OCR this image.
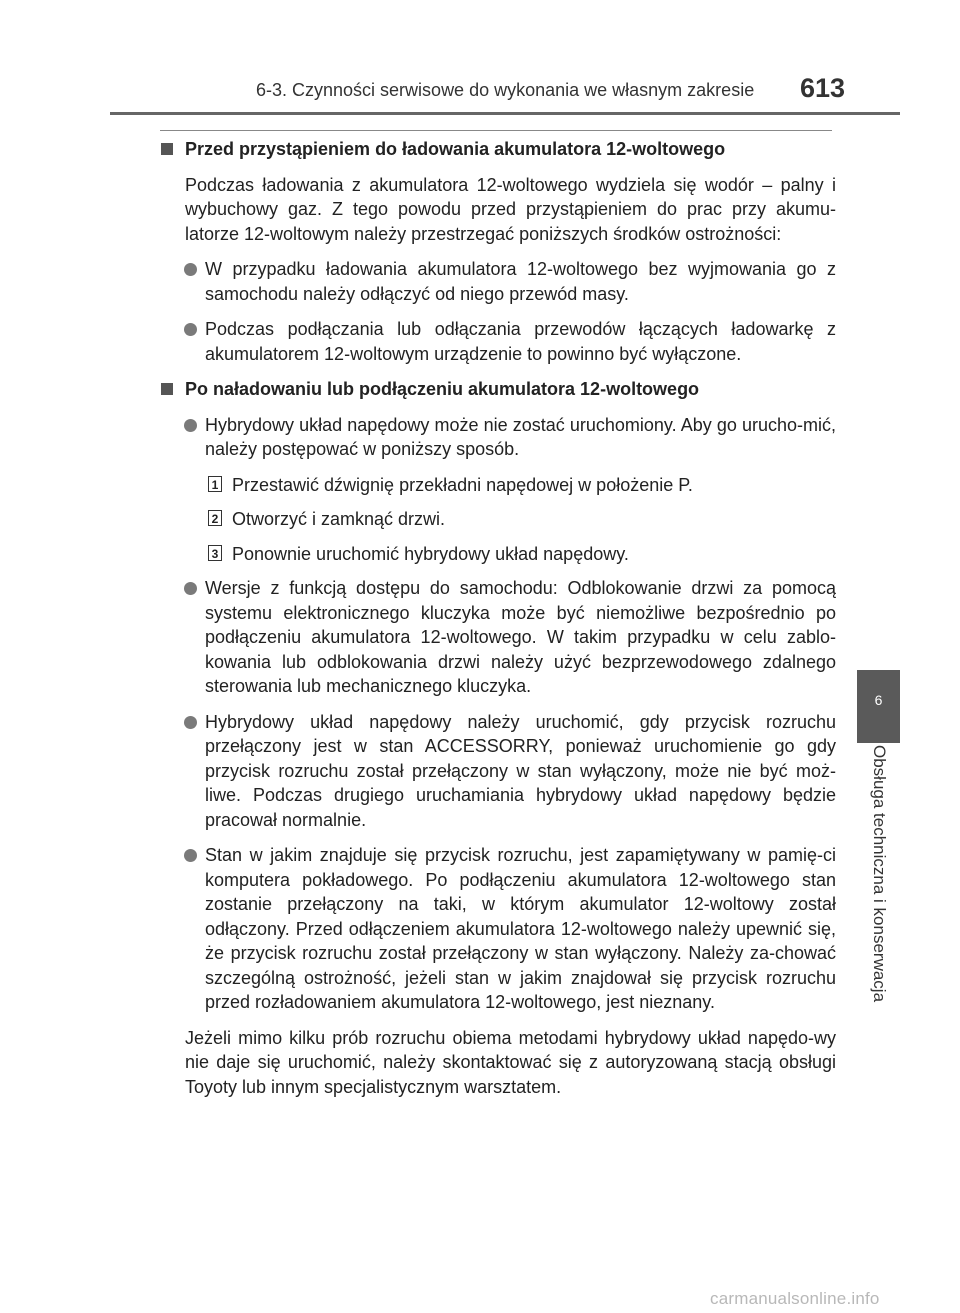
6-3. Czynności serwisowe do wykonania we własnym zakresie 613
Przed przystąpieniem do ładowania akumulatora 12-woltowego
Podczas ładowania z akumulatora 12-woltowego wydziela się wodór – palny i wybuchowy gaz. Z tego powodu przed przystąpieniem do prac przy akumu-latorze 12-woltowym należy przestrzegać poniższych środków ostrożności:
W przypadku ładowania akumulatora 12-woltowego bez wyjmowania go z samochodu należy odłączyć od niego przewód masy.
Podczas podłączania lub odłączania przewodów łączących ładowarkę z akumulatorem 12-woltowym urządzenie to powinno być wyłączone.
Po naładowaniu lub podłączeniu akumulatora 12-woltowego
Hybrydowy układ napędowy może nie zostać uruchomiony. Aby go urucho-mić, należy postępować w poniższy sposób.
1 Przestawić dźwignię przekładni napędowej w położenie P.
2 Otworzyć i zamknąć drzwi.
3 Ponownie uruchomić hybrydowy układ napędowy.
Wersje z funkcją dostępu do samochodu: Odblokowanie drzwi za pomocą systemu elektronicznego kluczyka może być niemożliwe bezpośrednio po podłączeniu akumulatora 12-woltowego. W takim przypadku w celu zablo-kowania lub odblokowania drzwi należy użyć bezprzewodowego zdalnego sterowania lub mechanicznego kluczyka.
Hybrydowy układ napędowy należy uruchomić, gdy przycisk rozruchu przełączony jest w stan ACCESSORRY, ponieważ uruchomienie go gdy przycisk rozruchu został przełączony w stan wyłączony, może nie być moż-liwe. Podczas drugiego uruchamiania hybrydowy układ napędowy będzie pracował normalnie.
Stan w jakim znajduje się przycisk rozruchu, jest zapamiętywany w pamię-ci komputera pokładowego. Po podłączeniu akumulatora 12-woltowego stan zostanie przełączony na taki, w którym akumulator 12-woltowy został odłączony. Przed odłączeniem akumulatora 12-woltowego należy upewnić się, że przycisk rozruchu został przełączony w stan wyłączony. Należy za-chować szczególną ostrożność, jeżeli stan w jakim znajdował się przycisk rozruchu przed rozładowaniem akumulatora 12-woltowego, jest nieznany.
Jeżeli mimo kilku prób rozruchu obiema metodami hybrydowy układ napędo-wy nie daje się uruchomić, należy skontaktować się z autoryzowaną stacją obsługi Toyoty lub innym specjalistycznym warsztatem.
6
Obsługa techniczna i konserwacja
carmanualsonline.info
